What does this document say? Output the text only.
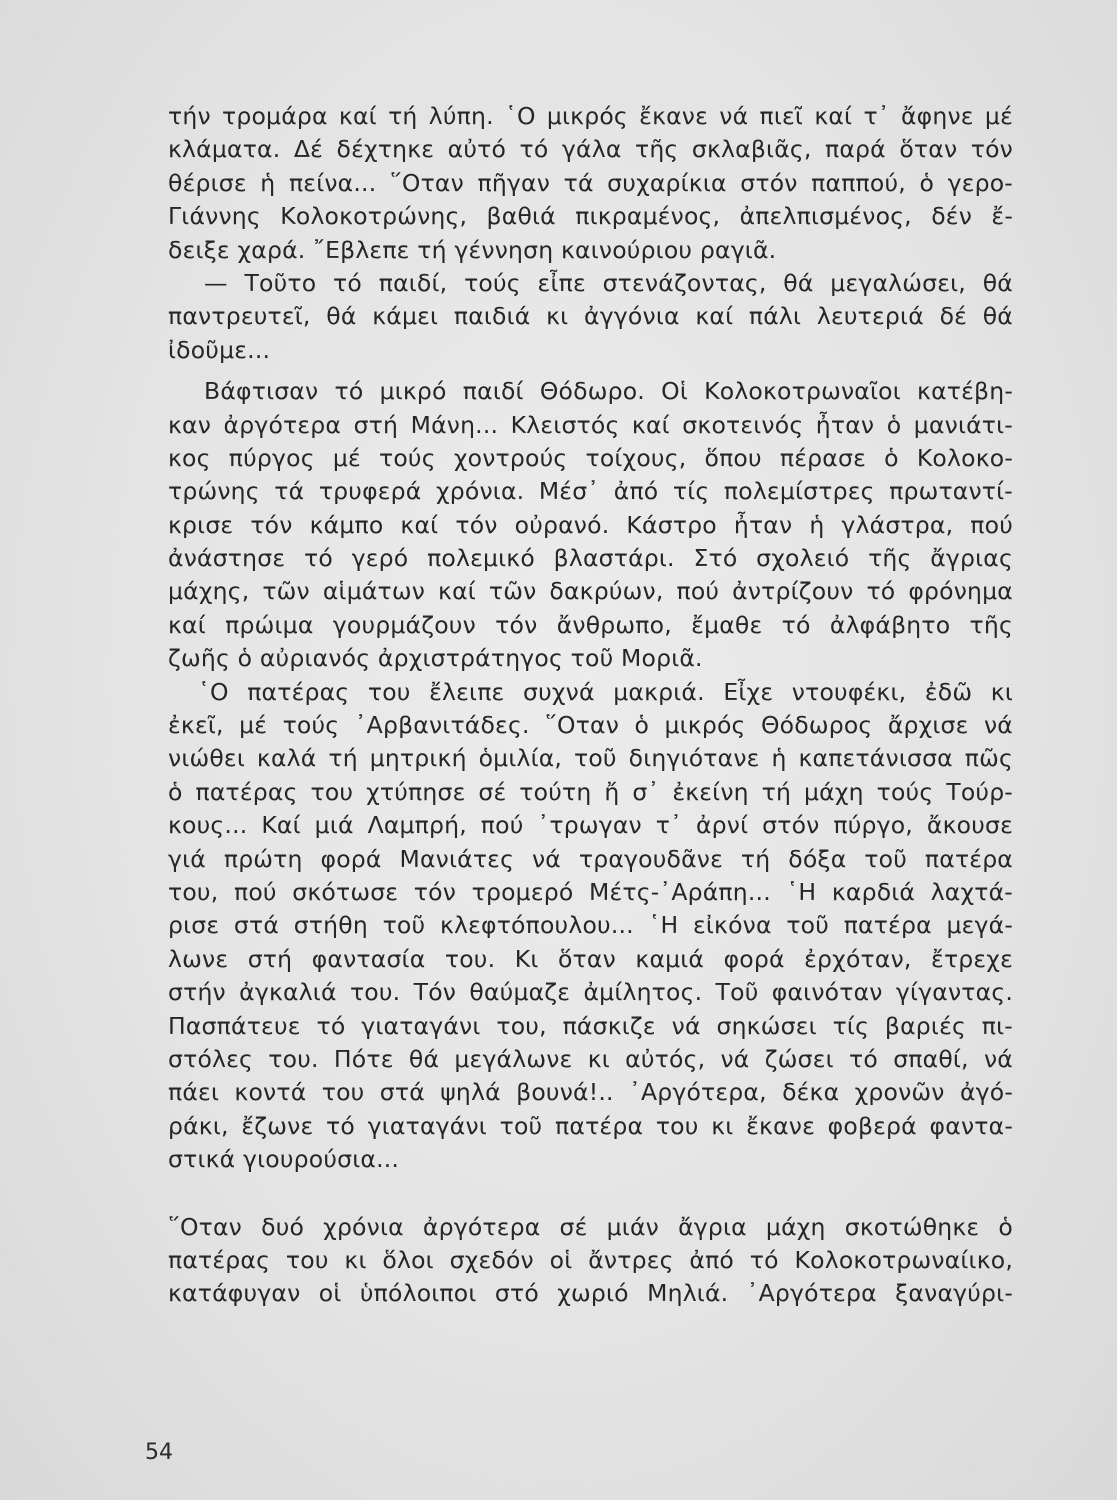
τήν τρομάρα καί τή λύπη. ῾Ο μικρός ἔκανε νά πιεῖ καί τ᾿ ἄφηνε μέ
κλάματα. Δέ δέχτηκε αὐτό τό γάλα τῆς σκλαβιᾶς, παρά ὅταν τόν
θέρισε ἡ πείνα... ῞Οταν πῆγαν τά συχαρίκια στόν παππού, ὁ γερο-
Γιάννης Κολοκοτρώνης, βαθιά πικραμένος, ἀπελπισμένος, δέν ἔ-
δειξε χαρά. ῎Εβλεπε τή γέννηση καινούριου ραγιᾶ.
— Τοῦτο τό παιδί, τούς εἶπε στενάζοντας, θά μεγαλώσει, θά
παντρευτεῖ, θά κάμει παιδιά κι ἀγγόνια καί πάλι λευτεριά δέ θά
ἰδοῦμε...
Βάφτισαν τό μικρό παιδί Θόδωρο. Οἱ Κολοκοτρωναῖοι κατέβη-
καν ἀργότερα στή Μάνη... Κλειστός καί σκοτεινός ἦταν ὁ μανιάτι-
κος πύργος μέ τούς χοντρούς τοίχους, ὅπου πέρασε ὁ Κολοκο-
τρώνης τά τρυφερά χρόνια. Μέσ᾿ ἀπό τίς πολεμίστρες πρωταντί-
κρισε τόν κάμπο καί τόν οὐρανό. Κάστρο ἦταν ἡ γλάστρα, πού
ἀνάστησε τό γερό πολεμικό βλαστάρι. Στό σχολειό τῆς ἄγριας
μάχης, τῶν αἱμάτων καί τῶν δακρύων, πού ἀντρίζουν τό φρόνημα
καί πρώιμα γουρμάζουν τόν ἄνθρωπο, ἔμαθε τό ἀλφάβητο τῆς
ζωῆς ὁ αὐριανός ἀρχιστράτηγος τοῦ Μοριᾶ.
῾Ο πατέρας του ἔλειπε συχνά μακριά. Εἶχε ντουφέκι, ἐδῶ κι
ἐκεῖ, μέ τούς ᾿Αρβανιτάδες. ῞Οταν ὁ μικρός Θόδωρος ἄρχισε νά
νιώθει καλά τή μητρική ὁμιλία, τοῦ διηγιότανε ἡ καπετάνισσα πῶς
ὁ πατέρας του χτύπησε σέ τούτη ἤ σ᾿ ἐκείνη τή μάχη τούς Τούρ-
κους... Καί μιά Λαμπρή, πού ᾿τρωγαν τ᾿ ἀρνί στόν πύργο, ἄκουσε
γιά πρώτη φορά Μανιάτες νά τραγουδᾶνε τή δόξα τοῦ πατέρα
του, πού σκότωσε τόν τρομερό Μέτς-᾿Αράπη... ῾Η καρδιά λαχτά-
ρισε στά στήθη τοῦ κλεφτόπουλου... ῾Η εἰκόνα τοῦ πατέρα μεγά-
λωνε στή φαντασία του. Κι ὅταν καμιά φορά ἐρχόταν, ἔτρεχε
στήν ἀγκαλιά του. Τόν θαύμαζε ἀμίλητος. Τοῦ φαινόταν γίγαντας.
Πασπάτευε τό γιαταγάνι του, πάσκιζε νά σηκώσει τίς βαριές πι-
στόλες του. Πότε θά μεγάλωνε κι αὐτός, νά ζώσει τό σπαθί, νά
πάει κοντά του στά ψηλά βουνά!.. ᾿Αργότερα, δέκα χρονῶν ἀγό-
ράκι, ἔζωνε τό γιαταγάνι τοῦ πατέρα του κι ἔκανε φοβερά φαντα-
στικά γιουρούσια...
῞Οταν δυό χρόνια ἀργότερα σέ μιάν ἄγρια μάχη σκοτώθηκε ὁ
πατέρας του κι ὅλοι σχεδόν οἱ ἄντρες ἀπό τό Κολοκοτρωναίικο,
κατάφυγαν οἱ ὑπόλοιποι στό χωριό Μηλιά. ᾿Αργότερα ξαναγύρι-
54
